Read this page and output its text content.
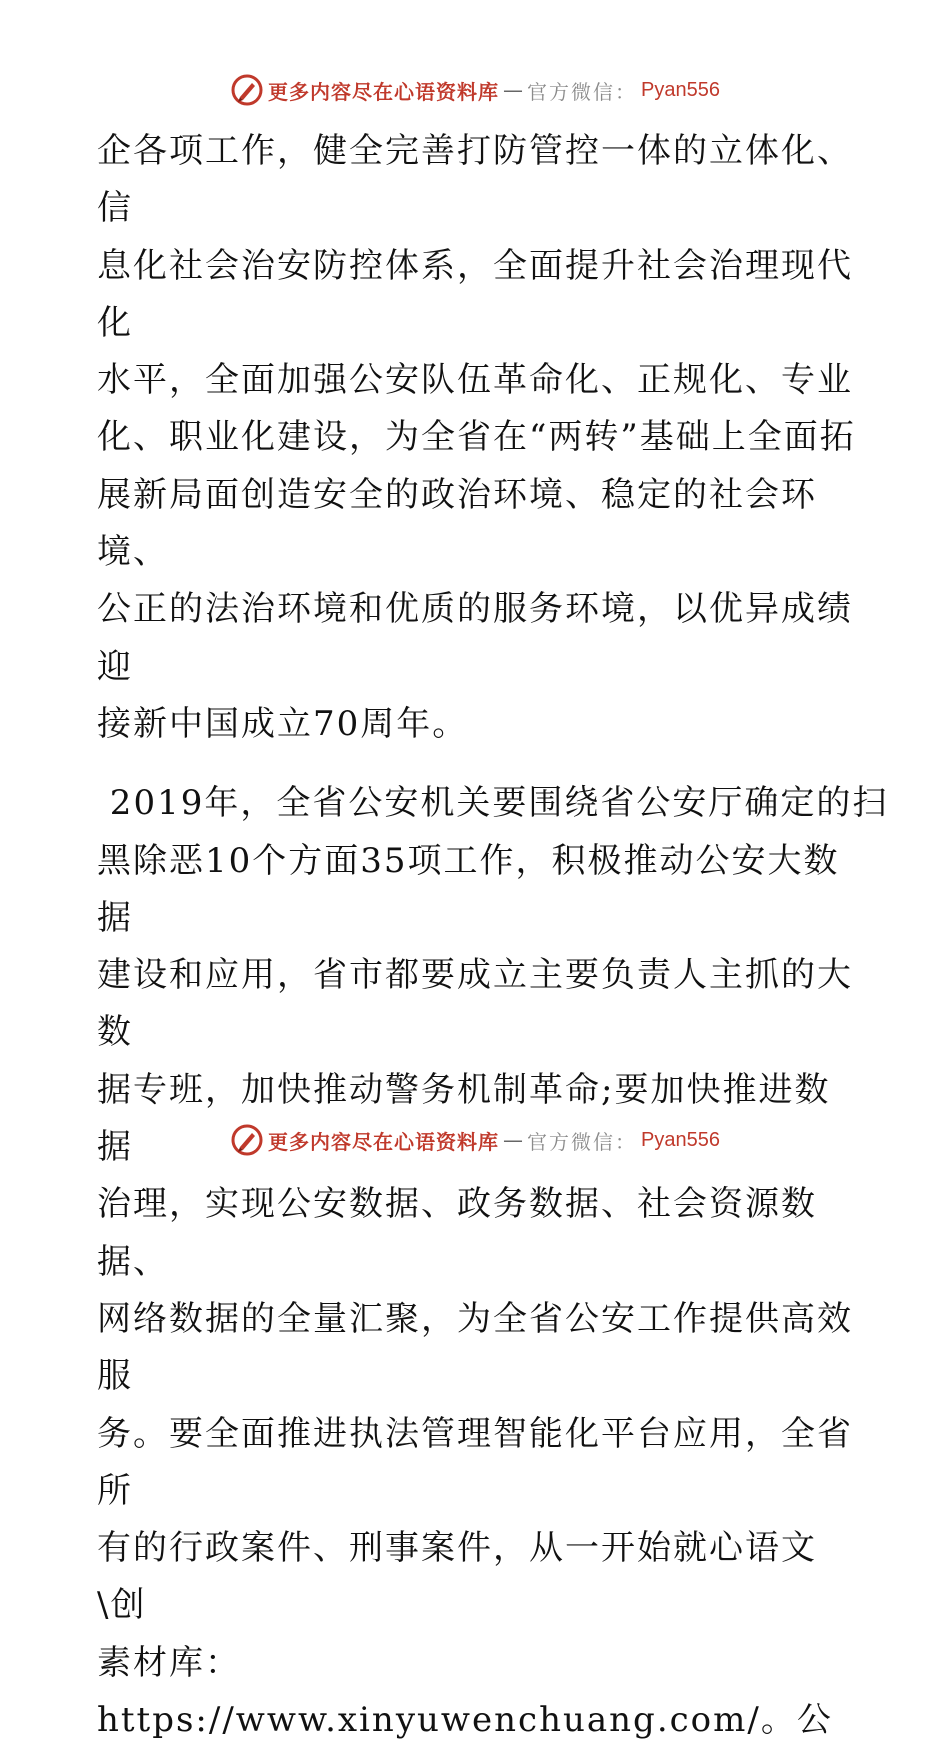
更多内容尽在心语资料库 — 官方微信： Pyan556

企各项工作，健全完善打防管控一体的立体化、信
息化社会治安防控体系，全面提升社会治理现代化
水平，全面加强公安队伍革命化、正规化、专业
化、职业化建设，为全省在“两转”基础上全面拓
展新局面创造安全的政治环境、稳定的社会环境、
公正的法治环境和优质的服务环境，以优异成绩迎
接新中国成立70周年。

2019年，全省公安机关要围绕省公安厅确定的扫
黑除恶10个方面35项工作，积极推动公安大数据
建设和应用，省市都要成立主要负责人主抓的大数
据专班，加快推动警务机制革命;要加快推进数据
治理，实现公安数据、政务数据、社会资源数据、
网络数据的全量汇聚，为全省公安工作提供高效服
务。要全面推进执法管理智能化平台应用，全省所
有的行政案件、刑事案件，从一开始就心语文\创
素材库：https://www.xinyuwenchuang.com/。公

更多内容尽在心语资料库 — 官方微信： Pyan556
